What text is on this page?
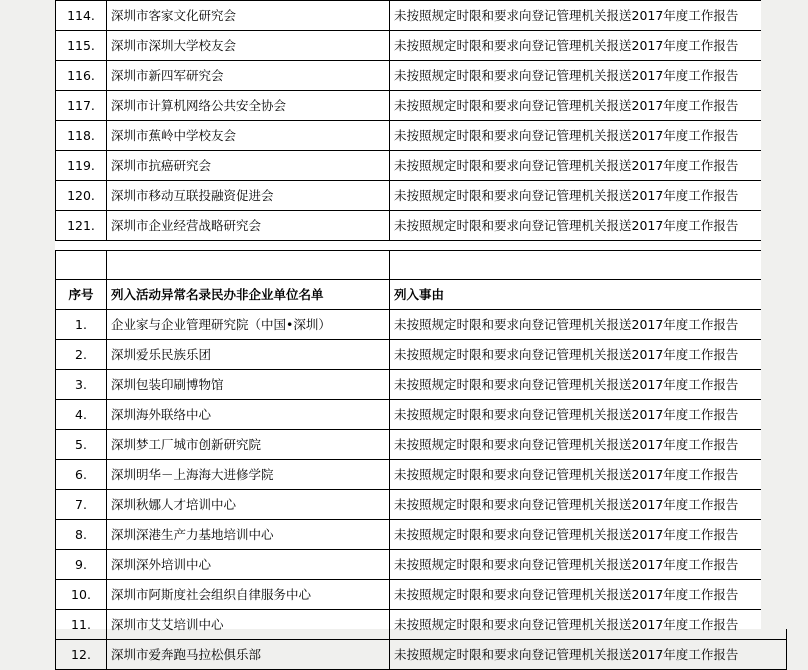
114.	深圳市客家文化研究会	未按照规定时限和要求向登记管理机关报送2017年度工作报告
115.	深圳市深圳大学校友会	未按照规定时限和要求向登记管理机关报送2017年度工作报告
116.	深圳市新四军研究会	未按照规定时限和要求向登记管理机关报送2017年度工作报告
117.	深圳市计算机网络公共安全协会	未按照规定时限和要求向登记管理机关报送2017年度工作报告
118.	深圳市蕉岭中学校友会	未按照规定时限和要求向登记管理机关报送2017年度工作报告
119.	深圳市抗癌研究会	未按照规定时限和要求向登记管理机关报送2017年度工作报告
120.	深圳市移动互联投融资促进会	未按照规定时限和要求向登记管理机关报送2017年度工作报告
121.	深圳市企业经营战略研究会	未按照规定时限和要求向登记管理机关报送2017年度工作报告

序号	列入活动异常名录民办非企业单位名单	列入事由
1.	企业家与企业管理研究院（中国•深圳）	未按照规定时限和要求向登记管理机关报送2017年度工作报告
2.	深圳爱乐民族乐团	未按照规定时限和要求向登记管理机关报送2017年度工作报告
3.	深圳包装印刷博物馆	未按照规定时限和要求向登记管理机关报送2017年度工作报告
4.	深圳海外联络中心	未按照规定时限和要求向登记管理机关报送2017年度工作报告
5.	深圳梦工厂城市创新研究院	未按照规定时限和要求向登记管理机关报送2017年度工作报告
6.	深圳明华－上海海大进修学院	未按照规定时限和要求向登记管理机关报送2017年度工作报告
7.	深圳秋娜人才培训中心	未按照规定时限和要求向登记管理机关报送2017年度工作报告
8.	深圳深港生产力基地培训中心	未按照规定时限和要求向登记管理机关报送2017年度工作报告
9.	深圳深外培训中心	未按照规定时限和要求向登记管理机关报送2017年度工作报告
10.	深圳市阿斯度社会组织自律服务中心	未按照规定时限和要求向登记管理机关报送2017年度工作报告
11.	深圳市艾艾培训中心	未按照规定时限和要求向登记管理机关报送2017年度工作报告
12.	深圳市爱奔跑马拉松俱乐部	未按照规定时限和要求向登记管理机关报送2017年度工作报告
